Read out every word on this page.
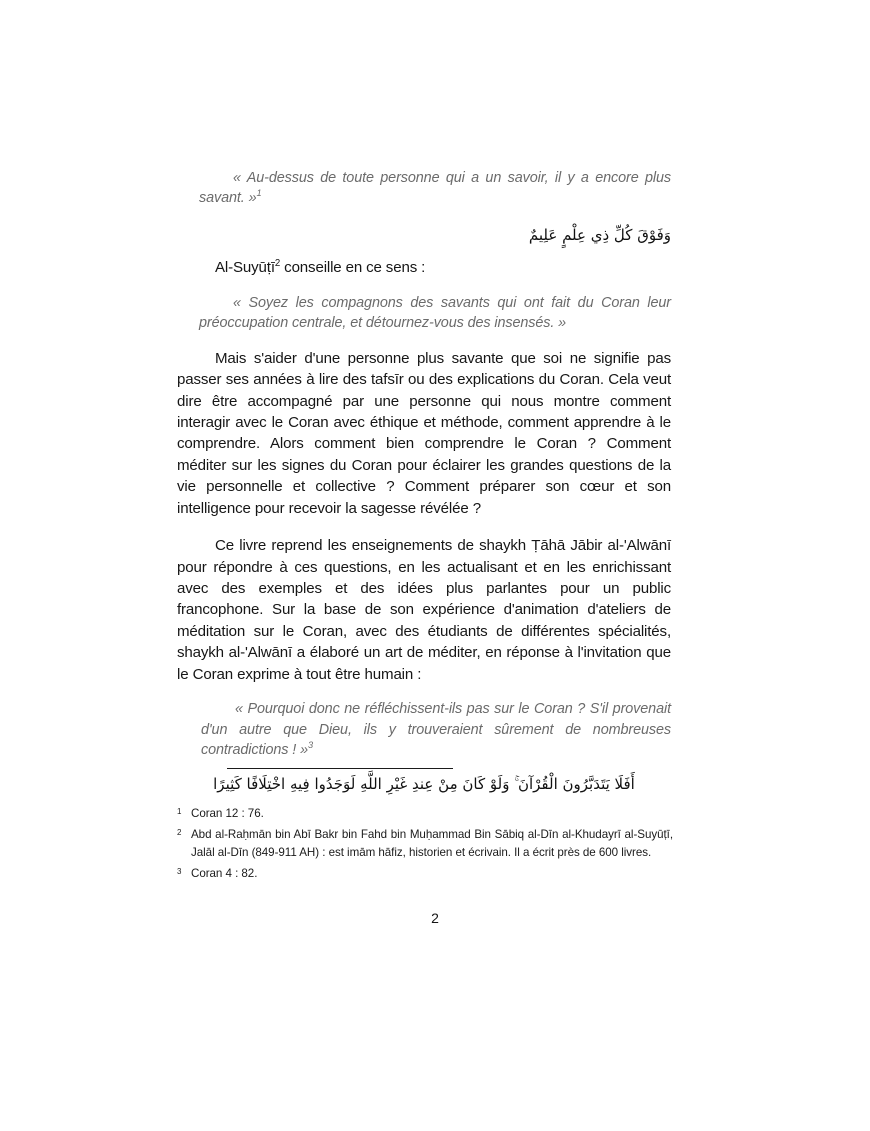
« Au-dessus de toute personne qui a un savoir, il y a encore plus savant. »$^1$

وَفَوْقَ كُلِّ ذِي عِلْمٍ عَلِيمٌ

Al-Suyūṭī$^2$ conseille en ce sens :

« Soyez les compagnons des savants qui ont fait du Coran leur préoccupation centrale, et détournez-vous des insensés. »

Mais s'aider d'une personne plus savante que soi ne signifie pas passer ses années à lire des tafsīr ou des explications du Coran. Cela veut dire être accompagné par une personne qui nous montre comment interagir avec le Coran avec éthique et méthode, comment apprendre à le comprendre. Alors comment bien comprendre le Coran ? Comment méditer sur les signes du Coran pour éclairer les grandes questions de la vie personnelle et collective ? Comment préparer son cœur et son intelligence pour recevoir la sagesse révélée ?

Ce livre reprend les enseignements de shaykh Ṭāhā Jābir al-'Alwānī pour répondre à ces questions, en les actualisant et en les enrichissant avec des exemples et des idées plus parlantes pour un public francophone. Sur la base de son expérience d'animation d'ateliers de méditation sur le Coran, avec des étudiants de différentes spécialités, shaykh al-'Alwānī a élaboré un art de méditer, en réponse à l'invitation que le Coran exprime à tout être humain :

« Pourquoi donc ne réfléchissent-ils pas sur le Coran ? S'il provenait d'un autre que Dieu, ils y trouveraient sûrement de nombreuses contradictions ! »$^3$

أَفَلَا يَتَدَبَّرُونَ الْقُرْآنَ ۚ وَلَوْ كَانَ مِنْ عِندِ غَيْرِ اللَّهِ لَوَجَدُوا فِيهِ اخْتِلَافًا كَثِيرًا

1 Coran 12 : 76.
2 Abd al-Raḥmān bin Abī Bakr bin Fahd bin Muḥammad Bin Sābiq al-Dīn al-Khudayrī al-Suyūṭī, Jalāl al-Dīn (849-911 AH) : est imām hāfiz, historien et écrivain. Il a écrit près de 600 livres.
3 Coran 4 : 82.
2
